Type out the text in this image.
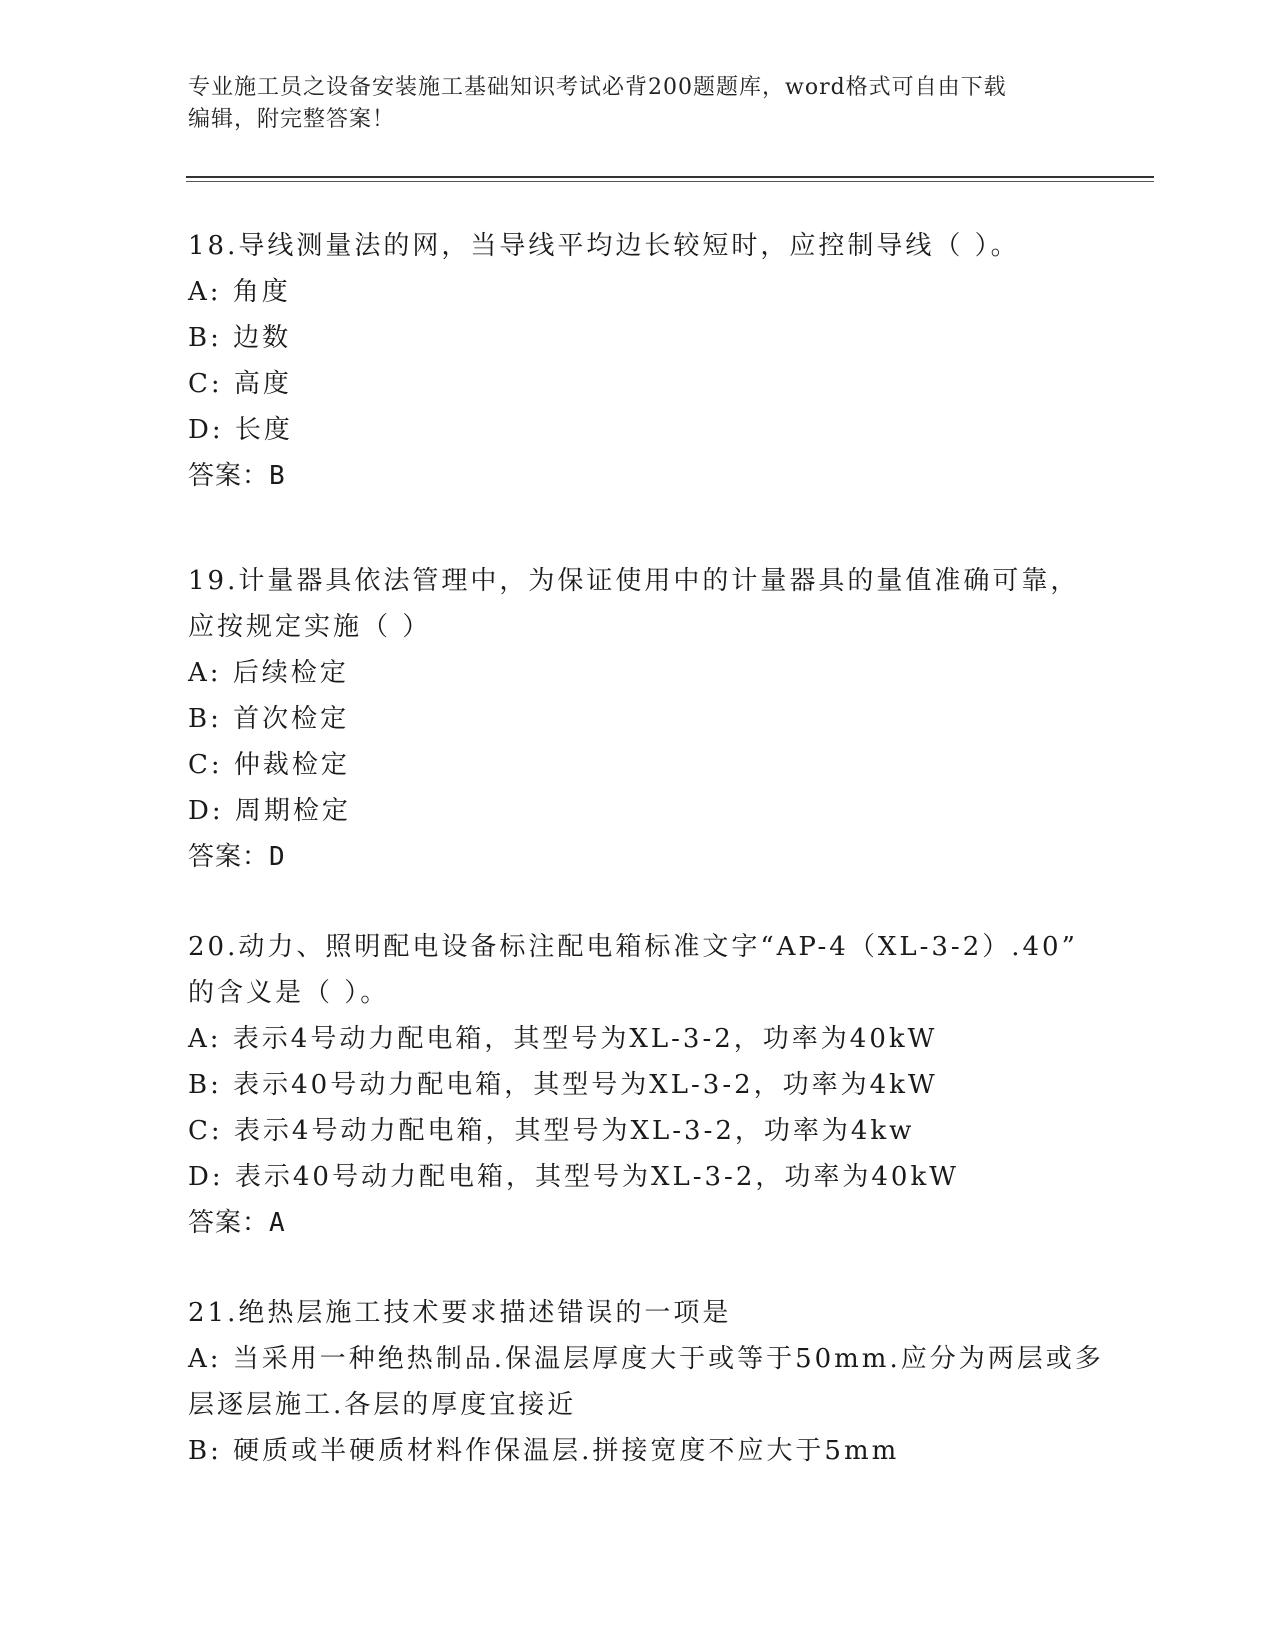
专业施工员之设备安装施工基础知识考试必背200题题库，word格式可自由下载
编辑，附完整答案！
18.导线测量法的网，当导线平均边长较短时，应控制导线（ ）。
A: 角度
B: 边数
C: 高度
D: 长度
答案：B
19.计量器具依法管理中，为保证使用中的计量器具的量值准确可靠，
应按规定实施（ ）
A: 后续检定
B: 首次检定
C: 仲裁检定
D: 周期检定
答案：D
20.动力、照明配电设备标注配电箱标准文字“AP-4（XL-3-2）.40”
的含义是（ ）。
A: 表示4号动力配电箱，其型号为XL-3-2，功率为40kW
B: 表示40号动力配电箱，其型号为XL-3-2，功率为4kW
C: 表示4号动力配电箱，其型号为XL-3-2，功率为4kw
D: 表示40号动力配电箱，其型号为XL-3-2，功率为40kW
答案：A
21.绝热层施工技术要求描述错误的一项是
A: 当采用一种绝热制品.保温层厚度大于或等于50mm.应分为两层或多
层逐层施工.各层的厚度宜接近
B: 硬质或半硬质材料作保温层.拼接宽度不应大于5mm
